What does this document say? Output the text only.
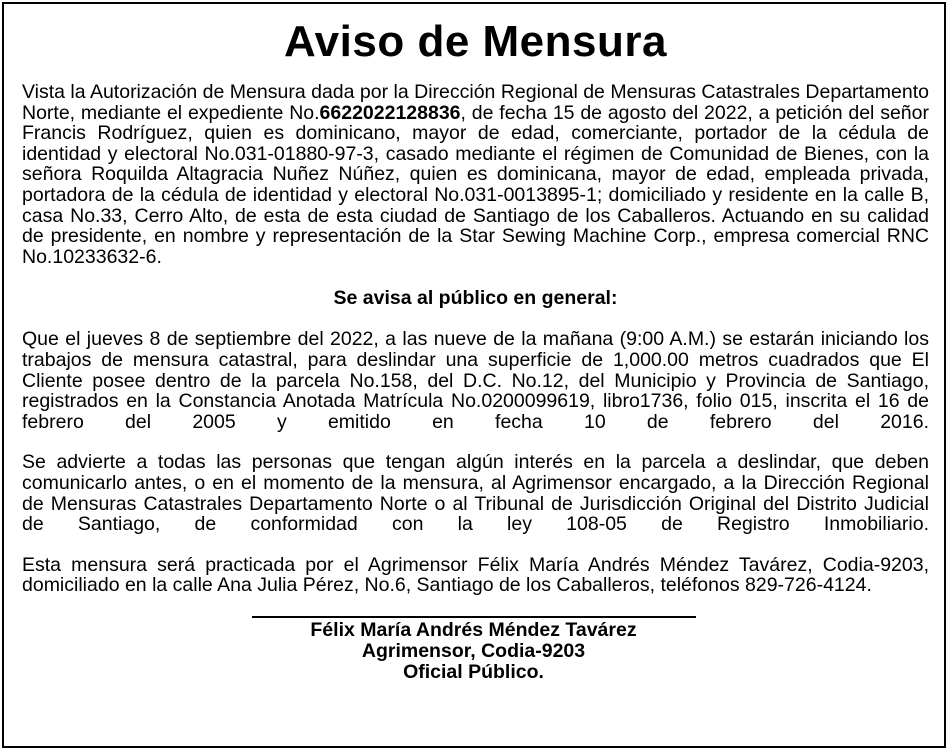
Aviso de Mensura

Vista la Autorización de Mensura dada por la Dirección Regional de Mensuras Catastrales Departamento Norte, mediante el expediente No.6622022128836, de fecha 15 de agosto del 2022, a petición del señor Francis Rodríguez, quien es dominicano, mayor de edad, comerciante, portador de la cédula de identidad y electoral No.031-01880-97-3, casado mediante el régimen de Comunidad de Bienes, con la señora Roquilda Altagracia Nuñez Núñez, quien es dominicana, mayor de edad, empleada privada, portadora de la cédula de identidad y electoral No.031-0013895-1; domiciliado y residente en la calle B, casa No.33, Cerro Alto, de esta de esta ciudad de Santiago de los Caballeros. Actuando en su calidad de presidente, en nombre y representación de la Star Sewing Machine Corp., empresa comercial RNC No.10233632-6.

Se avisa al público en general:

Que el jueves 8 de septiembre del 2022, a las nueve de la mañana (9:00 A.M.) se estarán iniciando los trabajos de mensura catastral, para deslindar una superficie de 1,000.00 metros cuadrados que El Cliente posee dentro de la parcela No.158, del D.C. No.12, del Municipio y Provincia de Santiago, registrados en la Constancia Anotada Matrícula No.0200099619, libro1736, folio 015, inscrita el 16 de febrero del 2005 y emitido en fecha 10 de febrero del 2016.

Se advierte a todas las personas que tengan algún interés en la parcela a deslindar, que deben comunicarlo antes, o en el momento de la mensura, al Agrimensor encargado, a la Dirección Regional de Mensuras Catastrales Departamento Norte o al Tribunal de Jurisdicción Original del Distrito Judicial de Santiago, de conformidad con la ley 108-05 de Registro Inmobiliario.

Esta mensura será practicada por el Agrimensor Félix María Andrés Méndez Tavárez, Codia-9203, domiciliado en la calle Ana Julia Pérez, No.6, Santiago de los Caballeros, teléfonos 829-726-4124.

Félix María Andrés Méndez Tavárez
Agrimensor, Codia-9203
Oficial Público.
